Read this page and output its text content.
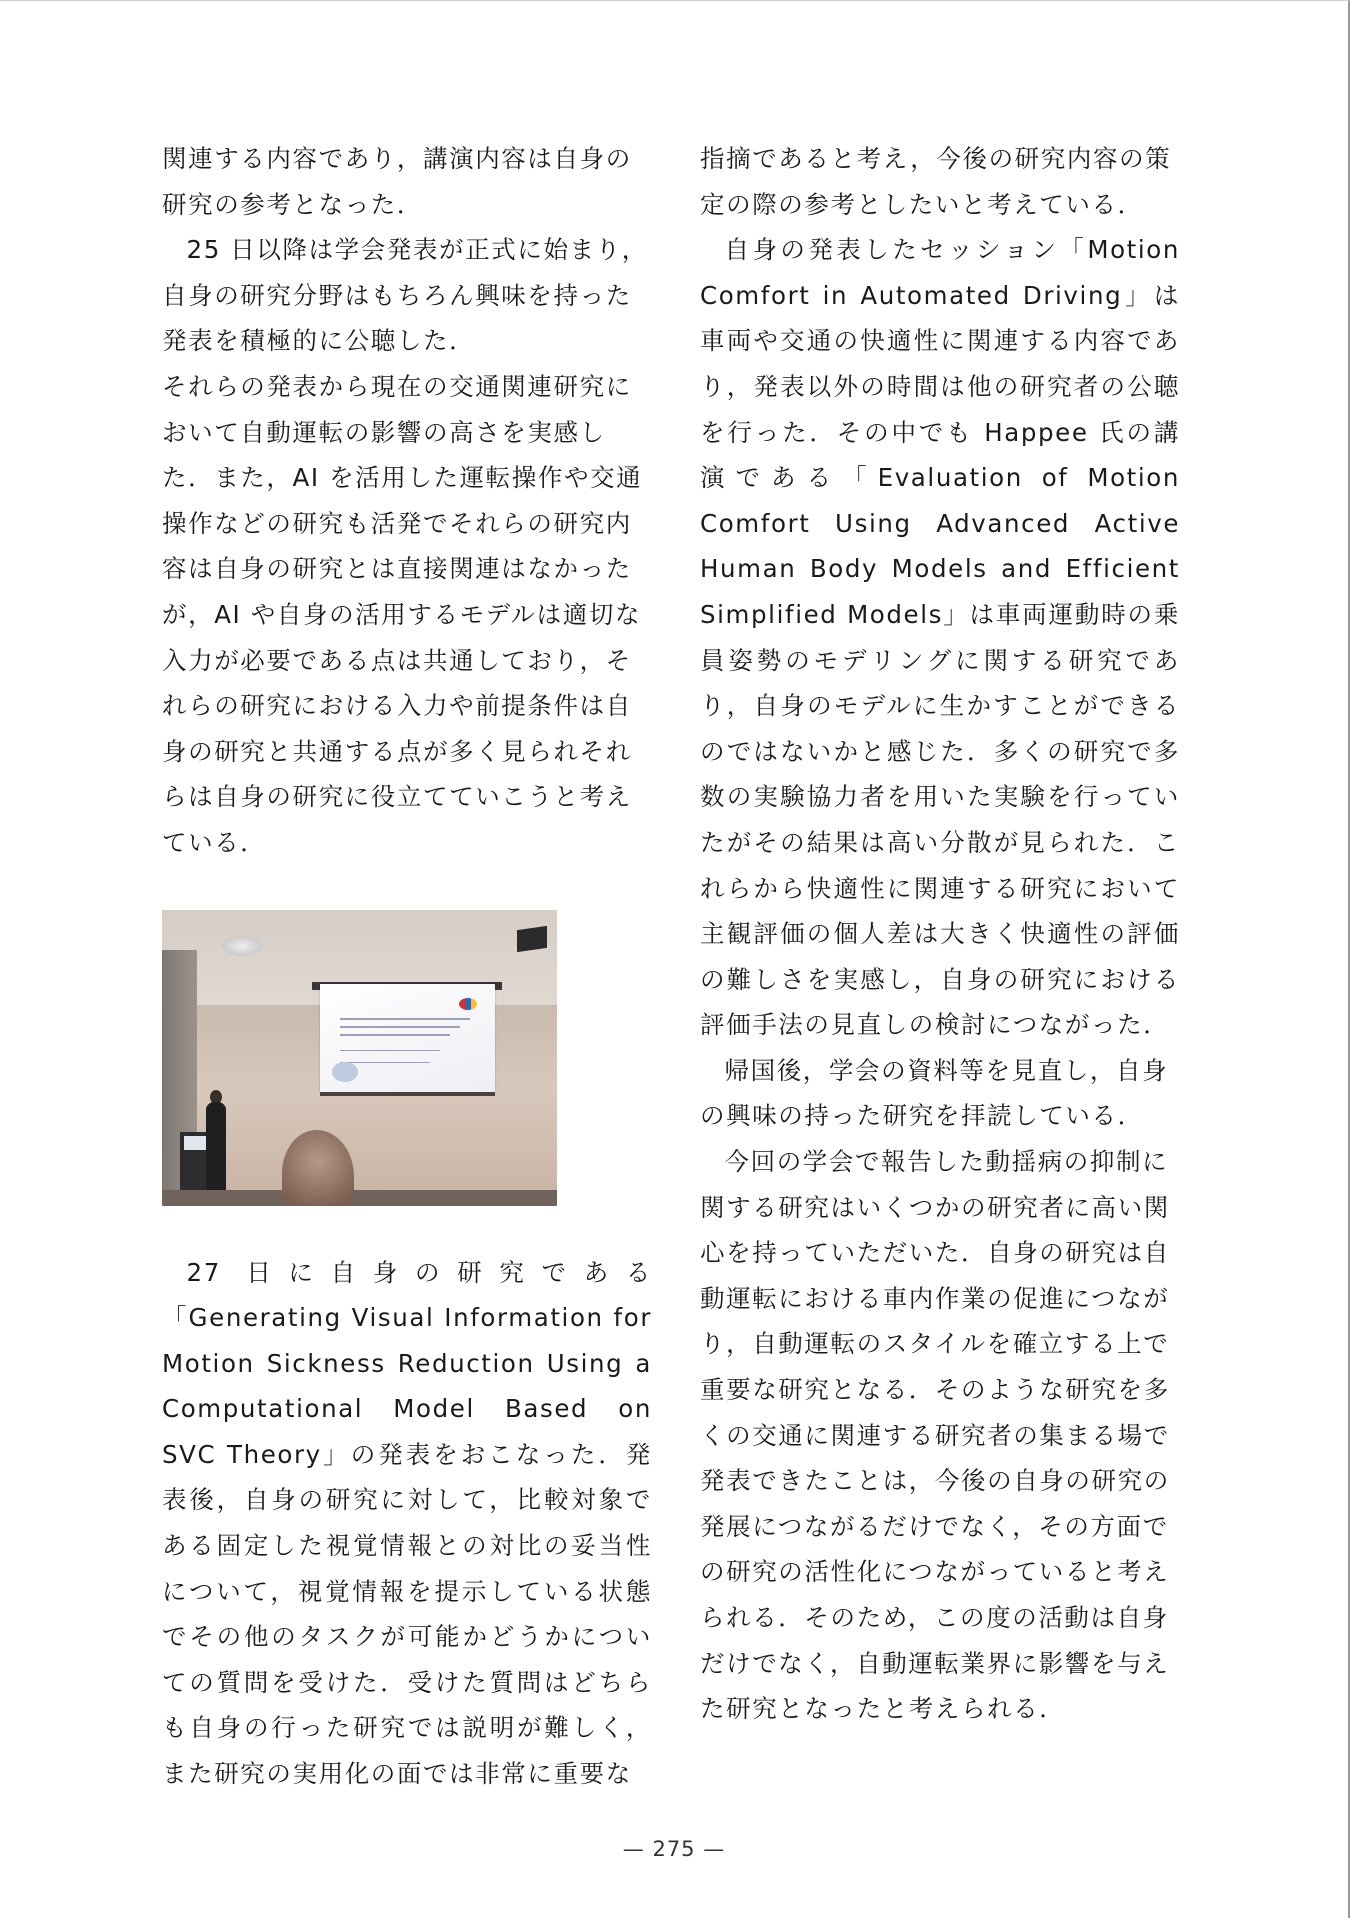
関連する内容であり，講演内容は自身の研究の参考となった．

25 日以降は学会発表が正式に始まり，自身の研究分野はもちろん興味を持った発表を積極的に公聴した．

それらの発表から現在の交通関連研究において自動運転の影響の高さを実感した．また，AI を活用した運転操作や交通操作などの研究も活発でそれらの研究内容は自身の研究とは直接関連はなかったが，AI や自身の活用するモデルは適切な入力が必要である点は共通しており，それらの研究における入力や前提条件は自身の研究と共通する点が多く見られそれらは自身の研究に役立てていこうと考えている．

27 日に自身の研究である「Generating Visual Information for Motion Sickness Reduction Using a Computational Model Based on SVC Theory」の発表をおこなった．発表後，自身の研究に対して，比較対象である固定した視覚情報との対比の妥当性について，視覚情報を提示している状態でその他のタスクが可能かどうかについての質問を受けた．受けた質問はどちらも自身の行った研究では説明が難しく，また研究の実用化の面では非常に重要な

指摘であると考え，今後の研究内容の策定の際の参考としたいと考えている．

自身の発表したセッション「Motion Comfort in Automated Driving」は車両や交通の快適性に関連する内容であり，発表以外の時間は他の研究者の公聴を行った．その中でも Happee 氏の講演である「Evaluation of Motion Comfort Using Advanced Active Human Body Models and Efficient Simplified Models」は車両運動時の乗員姿勢のモデリングに関する研究であり，自身のモデルに生かすことができるのではないかと感じた．多くの研究で多数の実験協力者を用いた実験を行っていたがその結果は高い分散が見られた．これらから快適性に関連する研究において主観評価の個人差は大きく快適性の評価の難しさを実感し，自身の研究における評価手法の見直しの検討につながった．

帰国後，学会の資料等を見直し，自身の興味の持った研究を拝読している．

今回の学会で報告した動揺病の抑制に関する研究はいくつかの研究者に高い関心を持っていただいた．自身の研究は自動運転における車内作業の促進につながり，自動運転のスタイルを確立する上で重要な研究となる．そのような研究を多くの交通に関連する研究者の集まる場で発表できたことは，今後の自身の研究の発展につながるだけでなく，その方面での研究の活性化につながっていると考えられる．そのため，この度の活動は自身だけでなく，自動運転業界に影響を与えた研究となったと考えられる．

— 275 —
